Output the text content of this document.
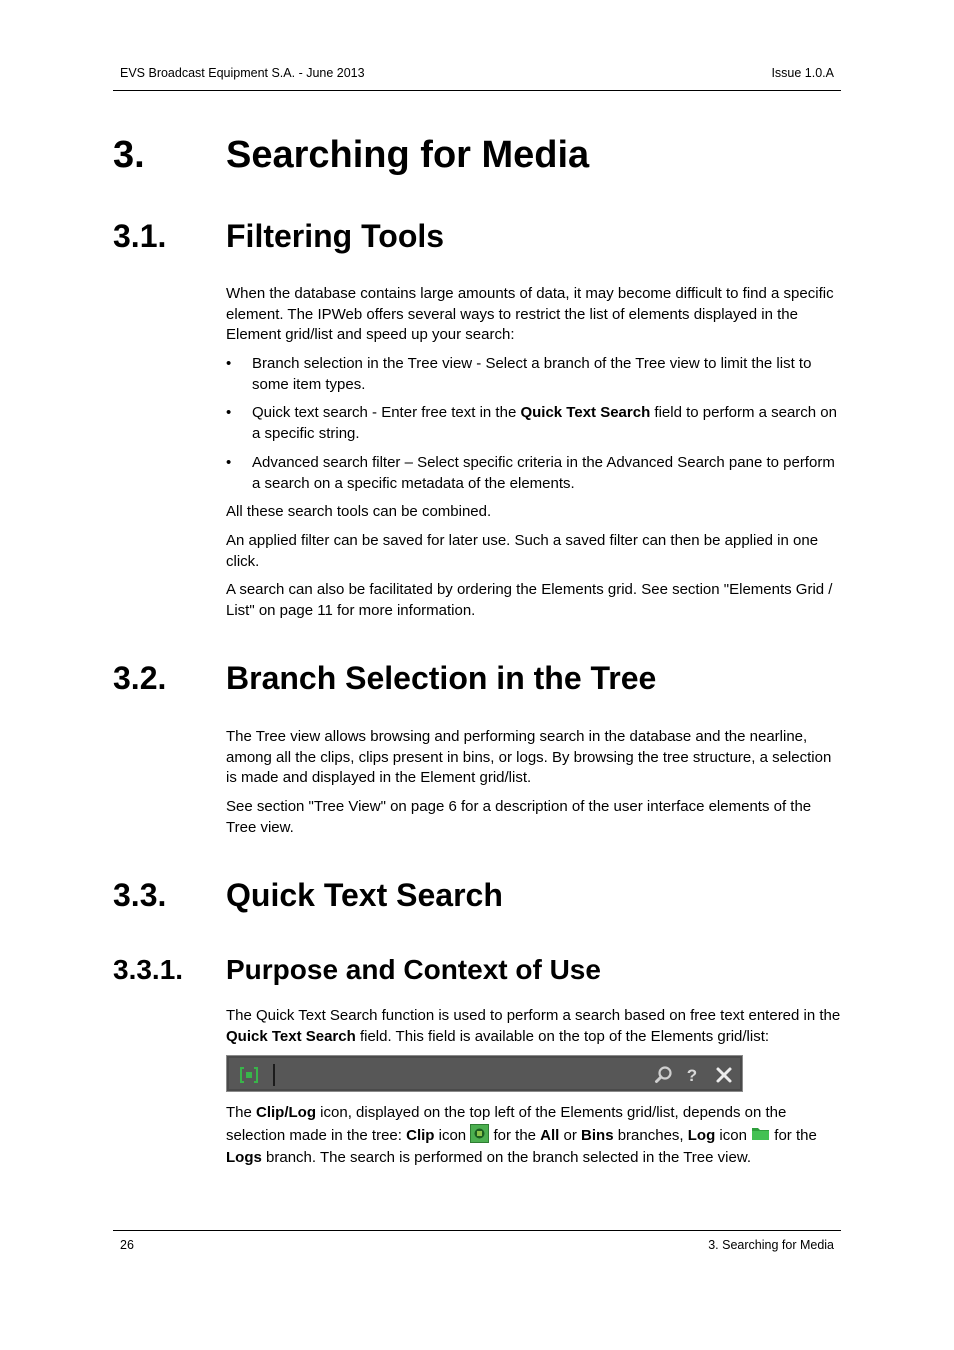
EVS Broadcast Equipment S.A. - June 2013	Issue 1.0.A
3. Searching for Media
3.1. Filtering Tools
When the database contains large amounts of data, it may become difficult to find a specific element. The IPWeb offers several ways to restrict the list of elements displayed in the Element grid/list and speed up your search:
• Branch selection in the Tree view - Select a branch of the Tree view to limit the list to some item types.
• Quick text search - Enter free text in the Quick Text Search field to perform a search on a specific string.
• Advanced search filter – Select specific criteria in the Advanced Search pane to perform a search on a specific metadata of the elements.
All these search tools can be combined.
An applied filter can be saved for later use. Such a saved filter can then be applied in one click.
A search can also be facilitated by ordering the Elements grid. See section "Elements Grid / List" on page 11 for more information.
3.2. Branch Selection in the Tree
The Tree view allows browsing and performing search in the database and the nearline, among all the clips, clips present in bins, or logs. By browsing the tree structure, a selection is made and displayed in the Element grid/list.
See section "Tree View" on page 6 for a description of the user interface elements of the Tree view.
3.3. Quick Text Search
3.3.1. Purpose and Context of Use
The Quick Text Search function is used to perform a search based on free text entered in the Quick Text Search field. This field is available on the top of the Elements grid/list:
?
The Clip/Log icon, displayed on the top left of the Elements grid/list, depends on the selection made in the tree: Clip icon  for the All or Bins branches, Log icon  for the Logs branch. The search is performed on the branch selected in the Tree view.
26	3. Searching for Media
